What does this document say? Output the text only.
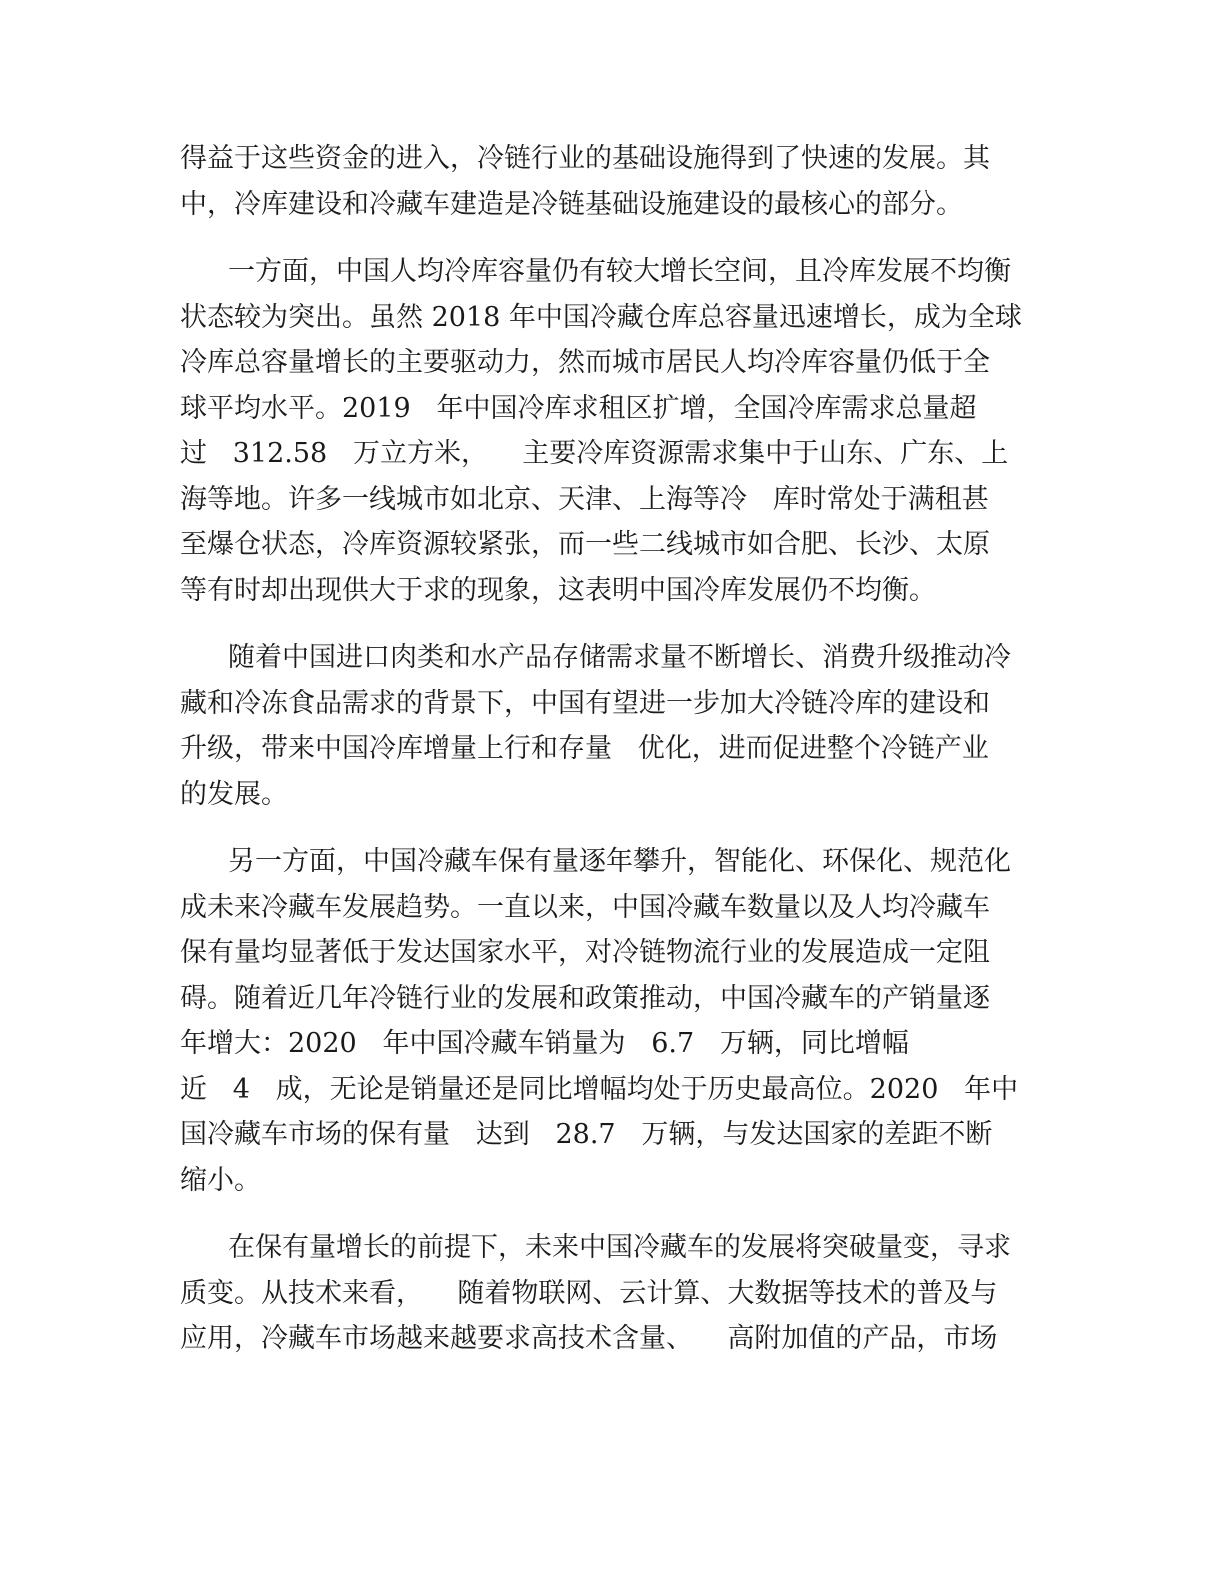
得益于这些资金的进入，冷链行业的基础设施得到了快速的发展。其
中，冷库建设和冷藏车建造是冷链基础设施建设的最核心的部分。
一方面，中国人均冷库容量仍有较大增长空间，且冷库发展不均衡
状态较为突出。虽然 2018 年中国冷藏仓库总容量迅速增长，成为全球
冷库总容量增长的主要驱动力，然而城市居民人均冷库容量仍低于全
球平均水平。2019   年中国冷库求租区扩增，全国冷库需求总量超
过   312.58   万立方米，    主要冷库资源需求集中于山东、广东、上
海等地。许多一线城市如北京、天津、上海等冷   库时常处于满租甚
至爆仓状态，冷库资源较紧张，而一些二线城市如合肥、长沙、太原
等有时却出现供大于求的现象，这表明中国冷库发展仍不均衡。
随着中国进口肉类和水产品存储需求量不断增长、消费升级推动冷
藏和冷冻食品需求的背景下，中国有望进一步加大冷链冷库的建设和
升级，带来中国冷库增量上行和存量   优化，进而促进整个冷链产业
的发展。
另一方面，中国冷藏车保有量逐年攀升，智能化、环保化、规范化
成未来冷藏车发展趋势。一直以来，中国冷藏车数量以及人均冷藏车
保有量均显著低于发达国家水平，对冷链物流行业的发展造成一定阻
碍。随着近几年冷链行业的发展和政策推动，中国冷藏车的产销量逐
年增大：2020   年中国冷藏车销量为   6.7   万辆，同比增幅
近   4   成，无论是销量还是同比增幅均处于历史最高位。2020   年中
国冷藏车市场的保有量   达到   28.7   万辆，与发达国家的差距不断
缩小。
在保有量增长的前提下，未来中国冷藏车的发展将突破量变，寻求
质变。从技术来看，    随着物联网、云计算、大数据等技术的普及与
应用，冷藏车市场越来越要求高技术含量、    高附加值的产品，市场
